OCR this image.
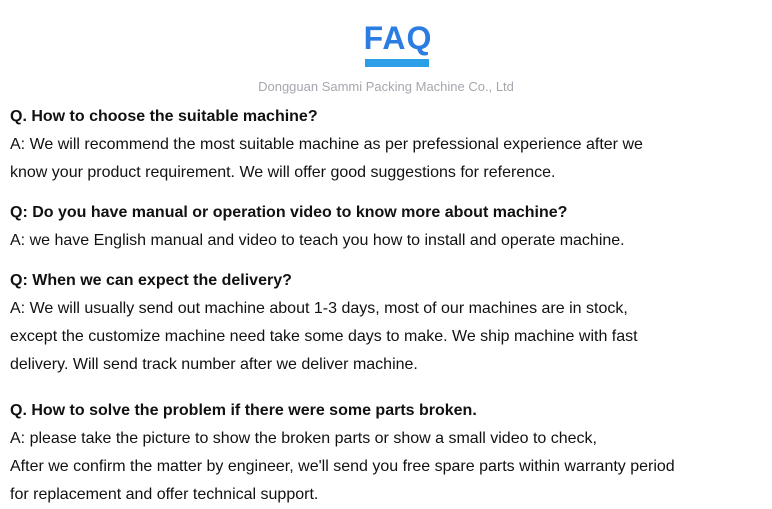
FAQ

Dongguan Sammi Packing Machine Co., Ltd

Q. How to choose the suitable machine?

A: We will recommend the most suitable machine as per prefessional experience after we

know your product requirement. We will offer good suggestions for reference.

Q: Do you have manual or operation video to know more about machine?

A: we have English manual and video to teach you how to install and operate machine.

Q: When we can expect the delivery?

A: We will usually send out machine about 1-3 days, most of our machines are in stock,

except the customize machine need take some days to make. We ship machine with fast

delivery. Will send track number after we deliver machine.

Q. How to solve the problem if there were some parts broken.

A: please take the picture to show the broken parts or show a small video to check,

After we confirm the matter by engineer, we'll send you free spare parts within warranty period

for replacement and offer technical support.
